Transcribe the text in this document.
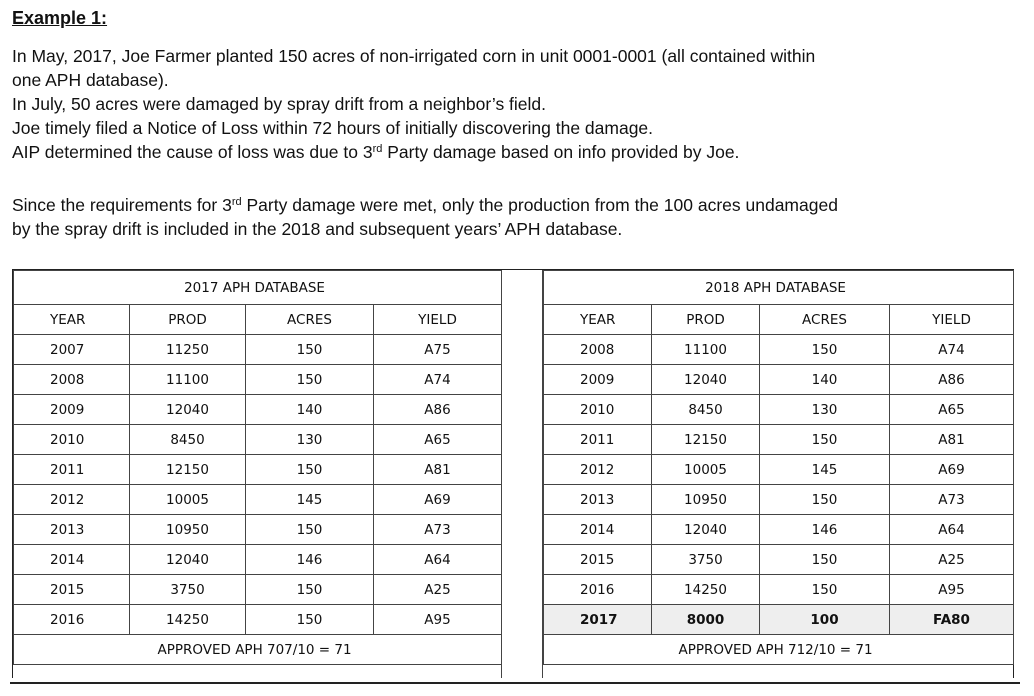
Example 1:
In May, 2017, Joe Farmer planted 150 acres of non-irrigated corn in unit 0001-0001 (all contained within
one APH database).
In July, 50 acres were damaged by spray drift from a neighbor’s field.
Joe timely filed a Notice of Loss within 72 hours of initially discovering the damage.
AIP determined the cause of loss was due to 3rd Party damage based on info provided by Joe.
Since the requirements for 3rd Party damage were met, only the production from the 100 acres undamaged
by the spray drift is included in the 2018 and subsequent years’ APH database.
2017 APH DATABASE			
YEAR	PROD	ACRES	YIELD
2007	11250	150	A75
2008	11100	150	A74
2009	12040	140	A86
2010	8450	130	A65
2011	12150	150	A81
2012	10005	145	A69
2013	10950	150	A73
2014	12040	146	A64
2015	3750	150	A25
2016	14250	150	A95
APPROVED APH 707/10 = 71			
2018 APH DATABASE			
YEAR	PROD	ACRES	YIELD
2008	11100	150	A74
2009	12040	140	A86
2010	8450	130	A65
2011	12150	150	A81
2012	10005	145	A69
2013	10950	150	A73
2014	12040	146	A64
2015	3750	150	A25
2016	14250	150	A95
2017	8000	100	FA80
APPROVED APH 712/10 = 71			
